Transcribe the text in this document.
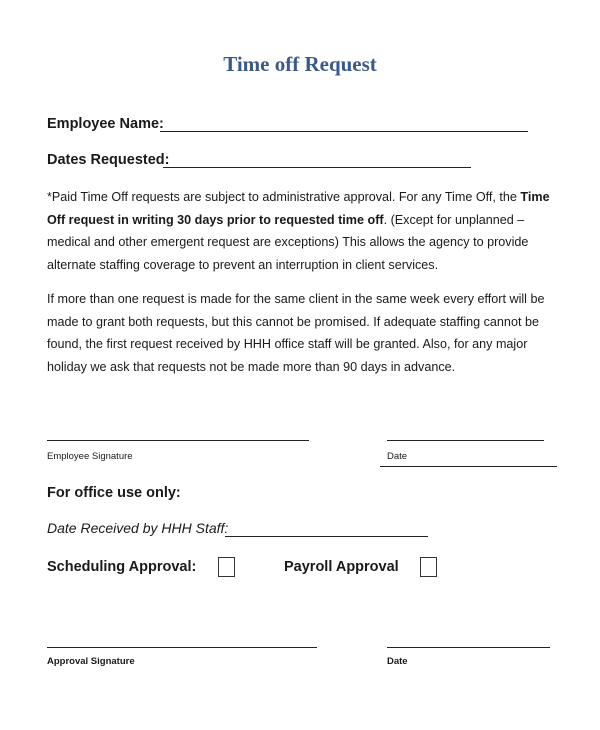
Time off Request
Employee Name:
Dates Requested:
*Paid Time Off requests are subject to administrative approval. For any Time Off, the Time Off request in writing 30 days prior to requested time off. (Except for unplanned – medical and other emergent request are exceptions) This allows the agency to provide alternate staffing coverage to prevent an interruption in client services.
If more than one request is made for the same client in the same week every effort will be made to grant both requests, but this cannot be promised. If adequate staffing cannot be found, the first request received by HHH office staff will be granted. Also, for any major holiday we ask that requests not be made more than 90 days in advance.
Employee Signature	Date
For office use only:
Date Received by HHH Staff:
Scheduling Approval:	Payroll Approval
Approval Signature	Date
